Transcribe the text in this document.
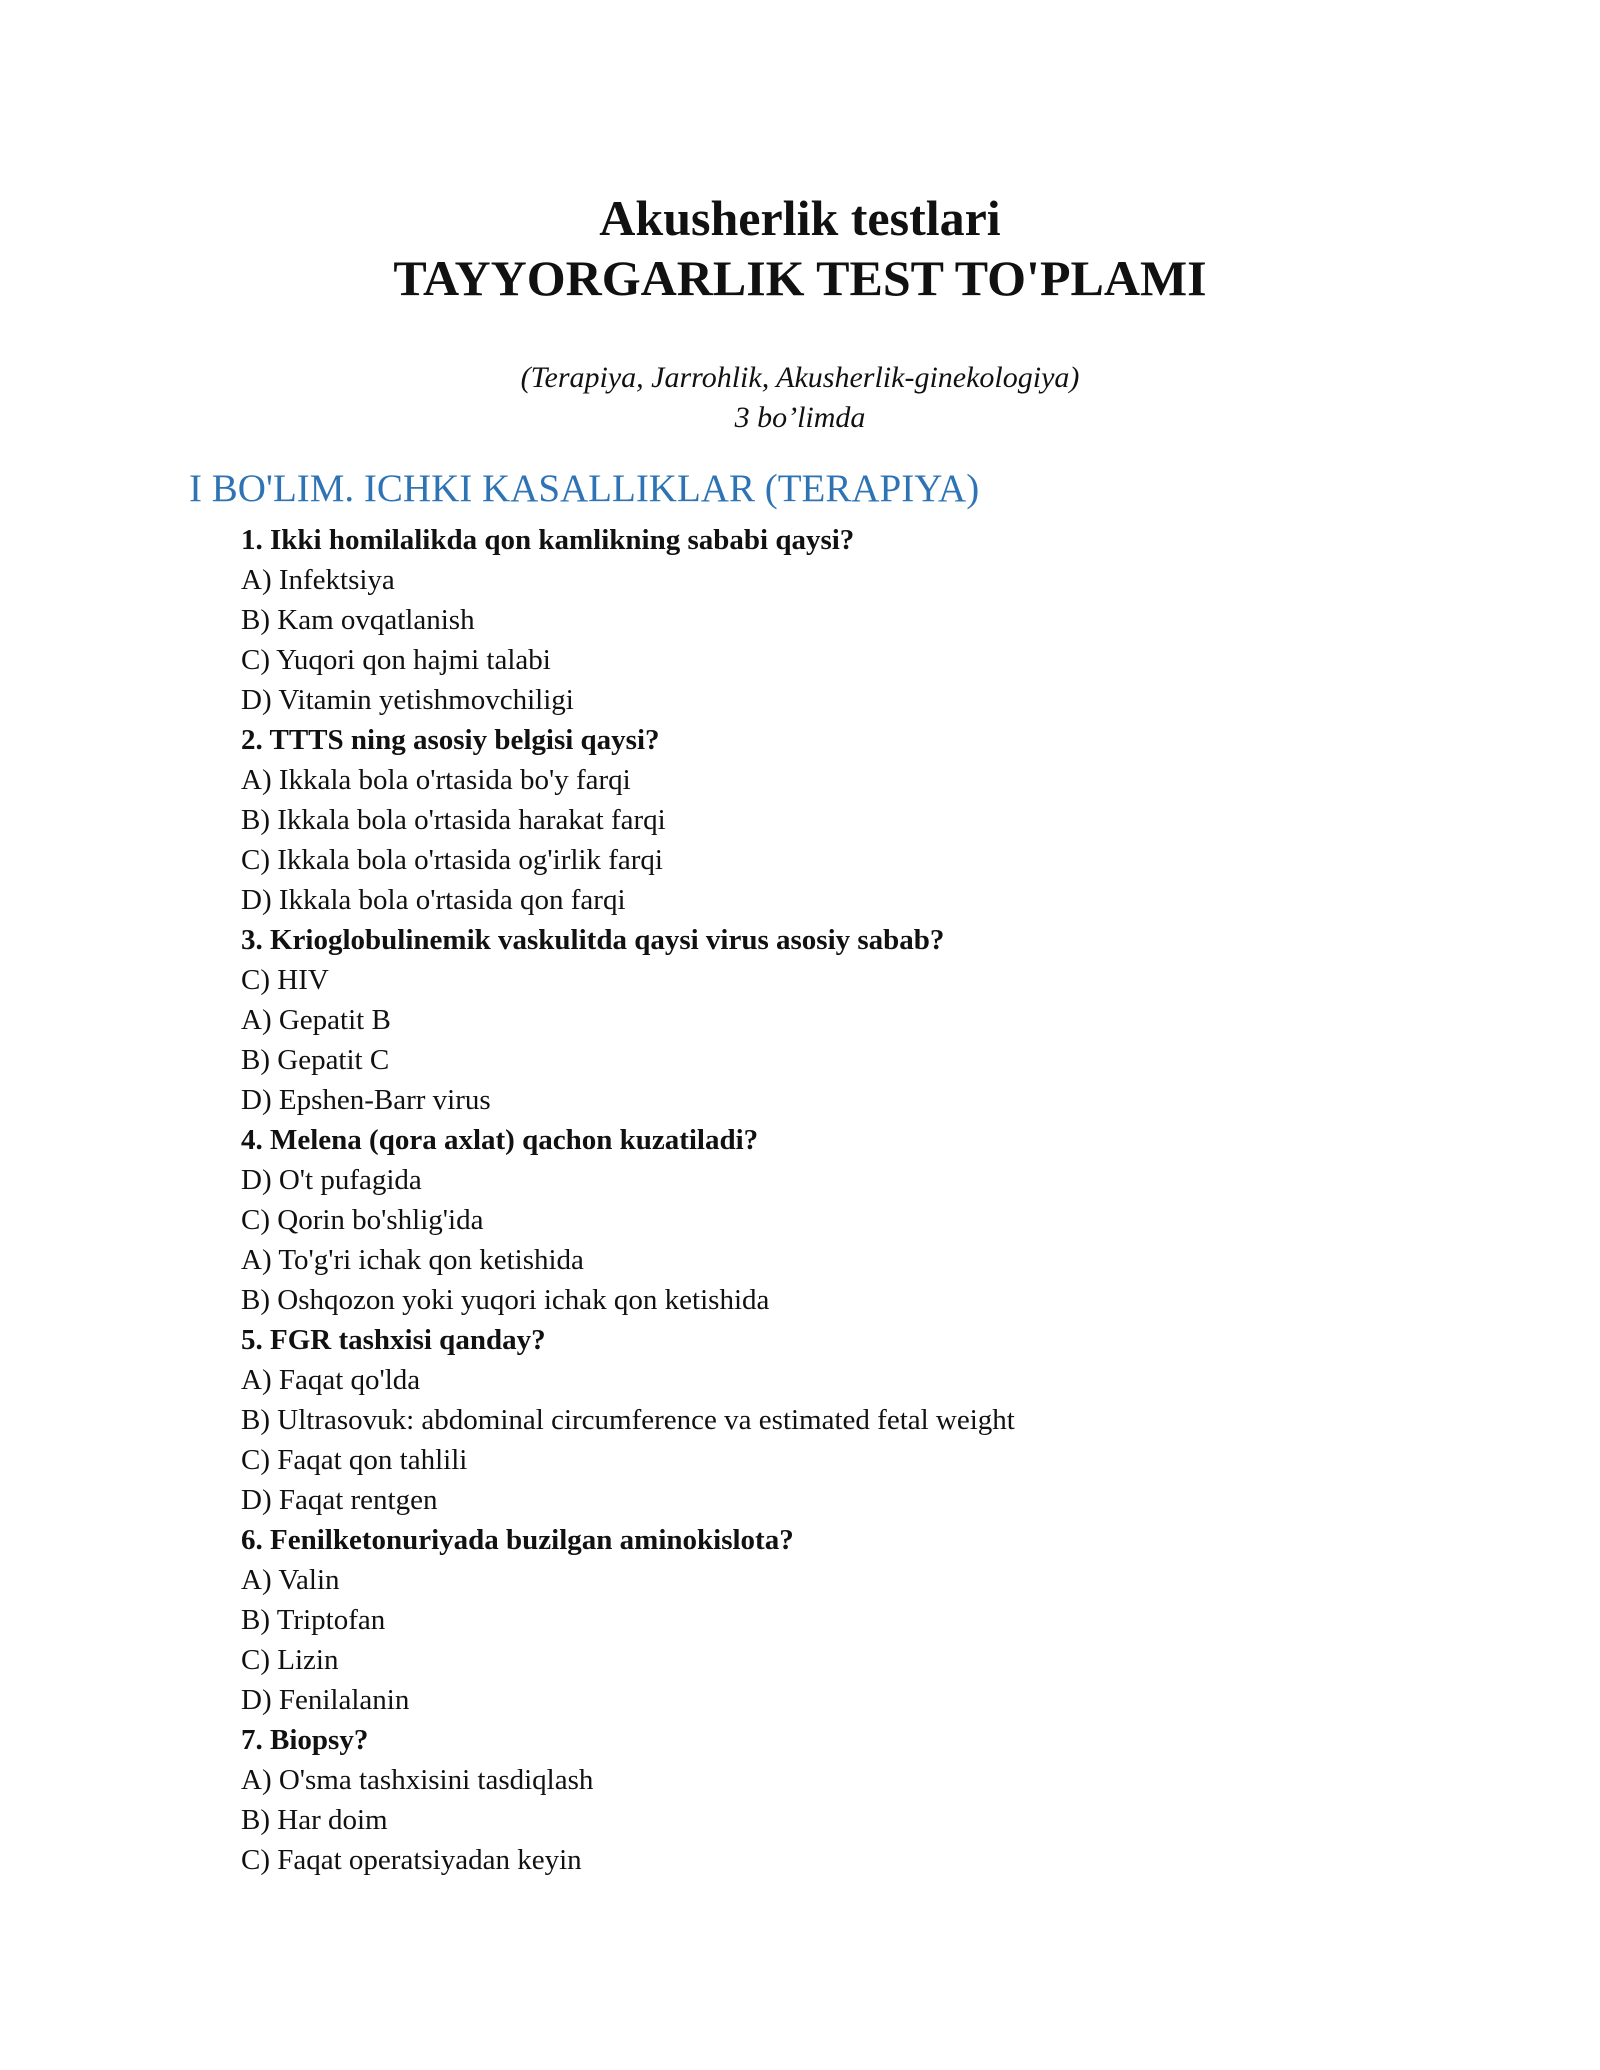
Akusherlik testlari
TAYYORGARLIK TEST TO'PLAMI
(Terapiya, Jarrohlik, Akusherlik-ginekologiya)
3 bo’limda
I BO'LIM. ICHKI KASALLIKLAR (TERAPIYA)
1. Ikki homilalikda qon kamlikning sababi qaysi?
A) Infektsiya
B) Kam ovqatlanish
C) Yuqori qon hajmi talabi
D) Vitamin yetishmovchiligi
2. TTTS ning asosiy belgisi qaysi?
A) Ikkala bola o'rtasida bo'y farqi
B) Ikkala bola o'rtasida harakat farqi
C) Ikkala bola o'rtasida og'irlik farqi
D) Ikkala bola o'rtasida qon farqi
3. Krioglobulinemik vaskulitda qaysi virus asosiy sabab?
C) HIV
A) Gepatit B
B) Gepatit C
D) Epshen-Barr virus
4. Melena (qora axlat) qachon kuzatiladi?
D) O't pufagida
C) Qorin bo'shlig'ida
A) To'g'ri ichak qon ketishida
B) Oshqozon yoki yuqori ichak qon ketishida
5. FGR tashxisi qanday?
A) Faqat qo'lda
B) Ultrasovuk: abdominal circumference va estimated fetal weight
C) Faqat qon tahlili
D) Faqat rentgen
6. Fenilketonuriyada buzilgan aminokislota?
A) Valin
B) Triptofan
C) Lizin
D) Fenilalanin
7. Biopsy?
A) O'sma tashxisini tasdiqlash
B) Har doim
C) Faqat operatsiyadan keyin
